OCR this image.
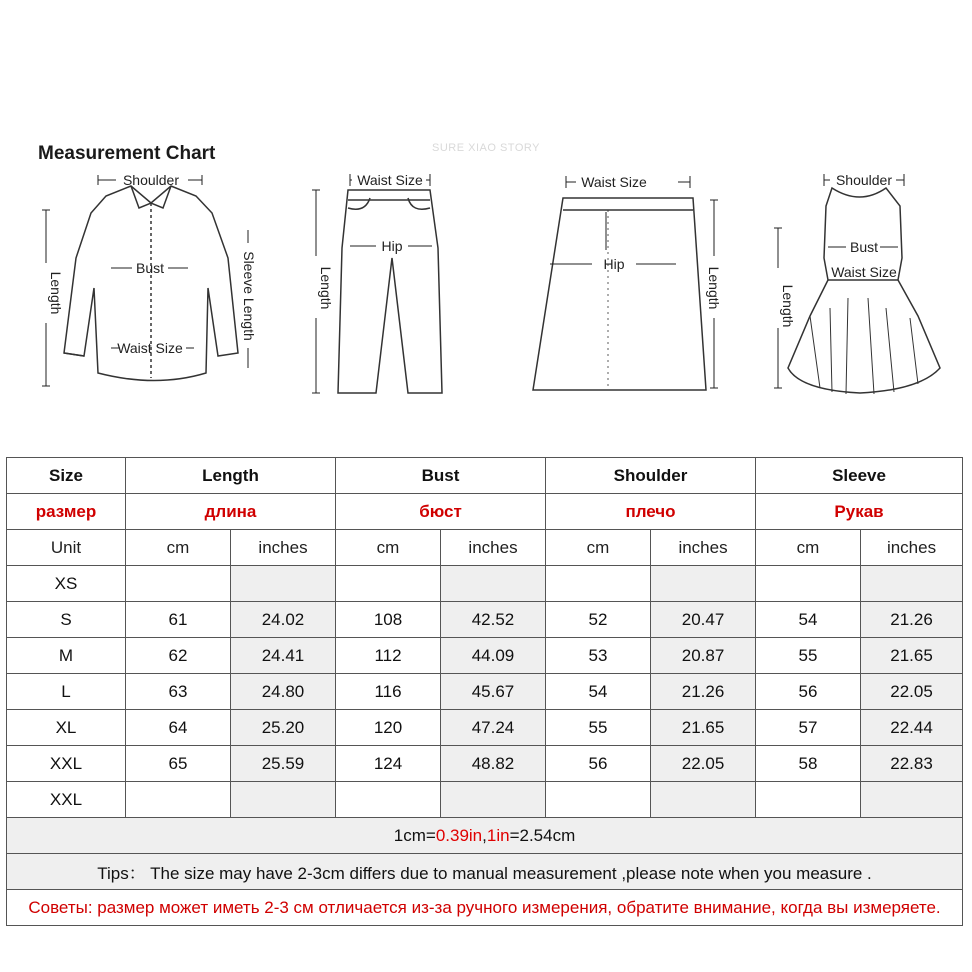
Measurement Chart	SURE XIAO STORY
Shoulder
Bust
Waist Size
Length	Sleeve Length
Waist Size
Hip
Length
Waist Size
Hip
Length
Shoulder
Bust
Waist Size
Length
Size	Length		Bust		Shoulder		Sleeve	
размер	длина		бюст		плечо		Рукав	
Unit	cm	inches	cm	inches	cm	inches	cm	inches
XS								
S	61	24.02	108	42.52	52	20.47	54	21.26
M	62	24.41	112	44.09	53	20.87	55	21.65
L	63	24.80	116	45.67	54	21.26	56	22.05
XL	64	25.20	120	47.24	55	21.65	57	22.44
XXL	65	25.59	124	48.82	56	22.05	58	22.83
XXL								
1cm=0.39in,1in=2.54cm								
Tips： The size may have 2-3cm differs due to manual measurement ,please note when you measure .								
Советы: размер может иметь 2-3 см отличается из-за ручного измерения, обратите внимание, когда вы измеряете.								
